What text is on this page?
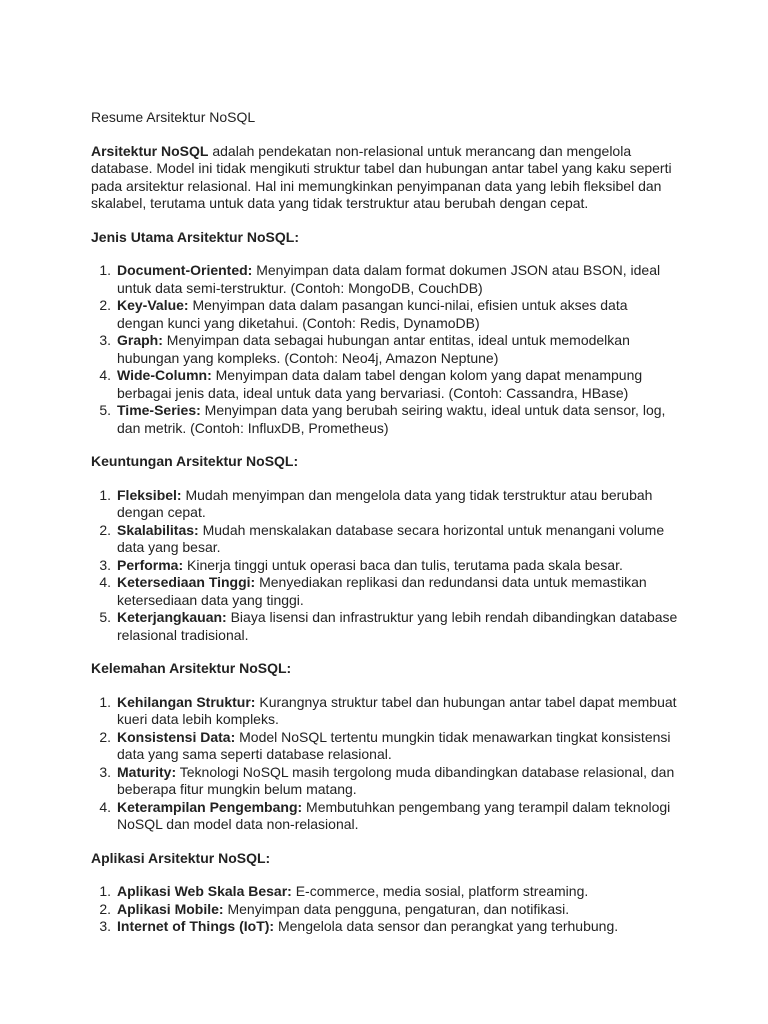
Resume Arsitektur NoSQL

Arsitektur NoSQL adalah pendekatan non-relasional untuk merancang dan mengelola database. Model ini tidak mengikuti struktur tabel dan hubungan antar tabel yang kaku seperti pada arsitektur relasional. Hal ini memungkinkan penyimpanan data yang lebih fleksibel dan skalabel, terutama untuk data yang tidak terstruktur atau berubah dengan cepat.

Jenis Utama Arsitektur NoSQL:

1. Document-Oriented: Menyimpan data dalam format dokumen JSON atau BSON, ideal untuk data semi-terstruktur. (Contoh: MongoDB, CouchDB)
2. Key-Value: Menyimpan data dalam pasangan kunci-nilai, efisien untuk akses data dengan kunci yang diketahui. (Contoh: Redis, DynamoDB)
3. Graph: Menyimpan data sebagai hubungan antar entitas, ideal untuk memodelkan hubungan yang kompleks. (Contoh: Neo4j, Amazon Neptune)
4. Wide-Column: Menyimpan data dalam tabel dengan kolom yang dapat menampung berbagai jenis data, ideal untuk data yang bervariasi. (Contoh: Cassandra, HBase)
5. Time-Series: Menyimpan data yang berubah seiring waktu, ideal untuk data sensor, log, dan metrik. (Contoh: InfluxDB, Prometheus)

Keuntungan Arsitektur NoSQL:

1. Fleksibel: Mudah menyimpan dan mengelola data yang tidak terstruktur atau berubah dengan cepat.
2. Skalabilitas: Mudah menskalakan database secara horizontal untuk menangani volume data yang besar.
3. Performa: Kinerja tinggi untuk operasi baca dan tulis, terutama pada skala besar.
4. Ketersediaan Tinggi: Menyediakan replikasi dan redundansi data untuk memastikan ketersediaan data yang tinggi.
5. Keterjangkauan: Biaya lisensi dan infrastruktur yang lebih rendah dibandingkan database relasional tradisional.

Kelemahan Arsitektur NoSQL:

1. Kehilangan Struktur: Kurangnya struktur tabel dan hubungan antar tabel dapat membuat kueri data lebih kompleks.
2. Konsistensi Data: Model NoSQL tertentu mungkin tidak menawarkan tingkat konsistensi data yang sama seperti database relasional.
3. Maturity: Teknologi NoSQL masih tergolong muda dibandingkan database relasional, dan beberapa fitur mungkin belum matang.
4. Keterampilan Pengembang: Membutuhkan pengembang yang terampil dalam teknologi NoSQL dan model data non-relasional.

Aplikasi Arsitektur NoSQL:

1. Aplikasi Web Skala Besar: E-commerce, media sosial, platform streaming.
2. Aplikasi Mobile: Menyimpan data pengguna, pengaturan, dan notifikasi.
3. Internet of Things (IoT): Mengelola data sensor dan perangkat yang terhubung.
